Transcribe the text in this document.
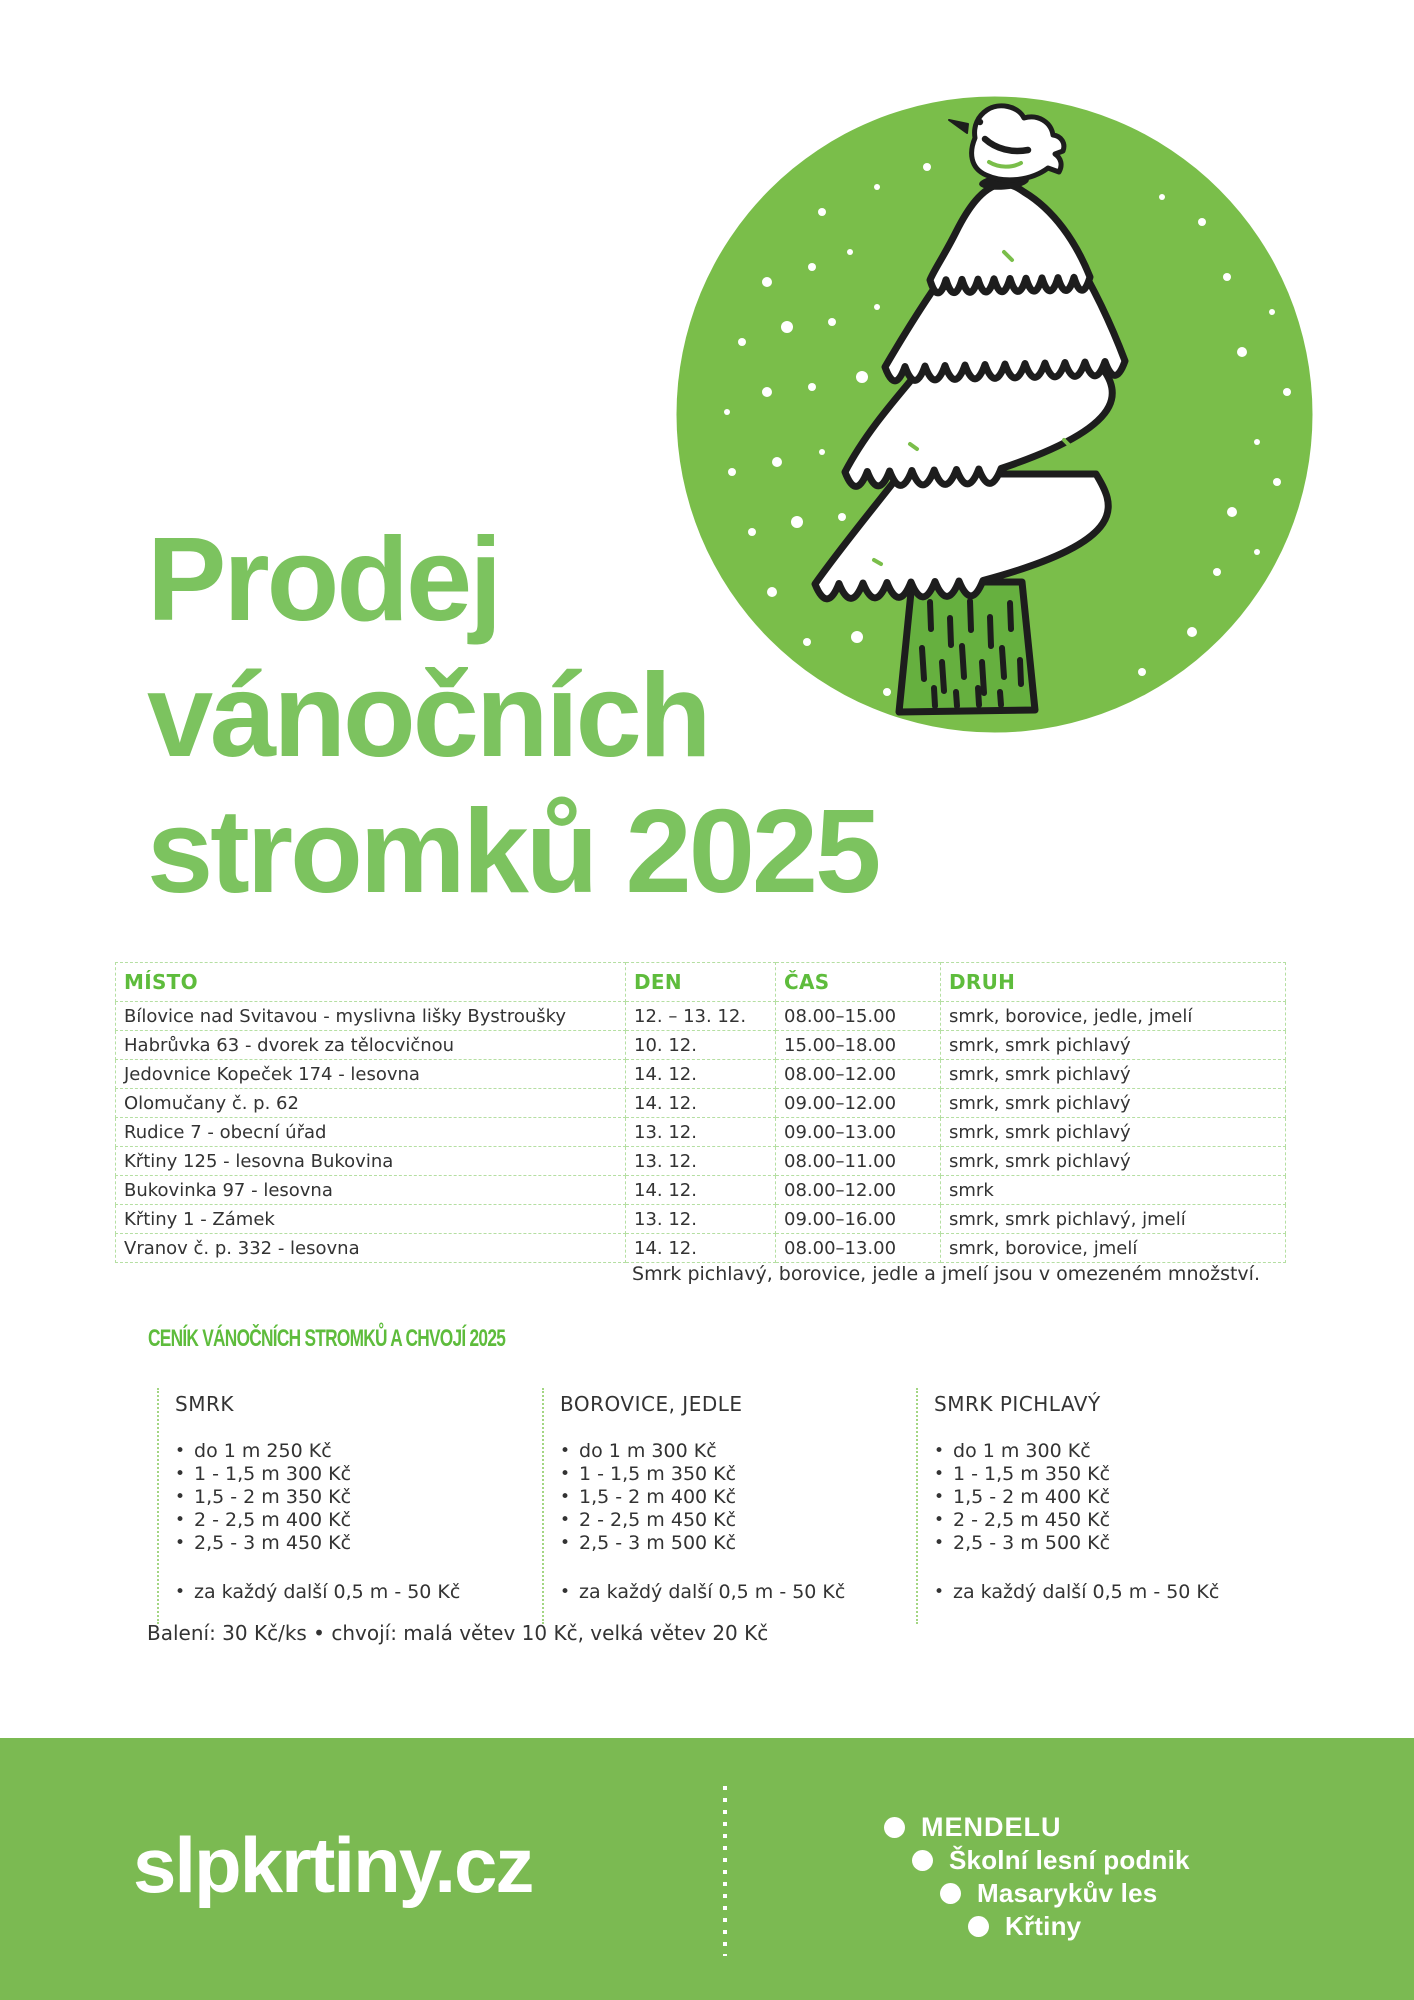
Prodej
vánočních
stromků 2025
MÍSTO	DEN	ČAS	DRUH
Bílovice nad Svitavou - myslivna lišky Bystroušky	12. – 13. 12.	08.00–15.00	smrk, borovice, jedle, jmelí
Habrůvka 63 - dvorek za tělocvičnou	10. 12.	15.00–18.00	smrk, smrk pichlavý
Jedovnice Kopeček 174 - lesovna	14. 12.	08.00–12.00	smrk, smrk pichlavý
Olomučany č. p. 62	14. 12.	09.00–12.00	smrk, smrk pichlavý
Rudice 7 - obecní úřad	13. 12.	09.00–13.00	smrk, smrk pichlavý
Křtiny 125 - lesovna Bukovina	13. 12.	08.00–11.00	smrk, smrk pichlavý
Bukovinka 97 - lesovna	14. 12.	08.00–12.00	smrk
Křtiny 1 - Zámek	13. 12.	09.00–16.00	smrk, smrk pichlavý, jmelí
Vranov č. p. 332 - lesovna	14. 12.	08.00–13.00	smrk, borovice, jmelí
Smrk pichlavý, borovice, jedle a jmelí jsou v omezeném množství.
CENÍK VÁNOČNÍCH STROMKŮ A CHVOJÍ 2025
SMRK
• do 1 m 250 Kč
• 1 - 1,5 m 300 Kč
• 1,5 - 2 m 350 Kč
• 2 - 2,5 m 400 Kč
• 2,5 - 3 m 450 Kč
• za každý další 0,5 m - 50 Kč
BOROVICE, JEDLE
• do 1 m 300 Kč
• 1 - 1,5 m 350 Kč
• 1,5 - 2 m 400 Kč
• 2 - 2,5 m 450 Kč
• 2,5 - 3 m 500 Kč
• za každý další 0,5 m - 50 Kč
SMRK PICHLAVÝ
• do 1 m 300 Kč
• 1 - 1,5 m 350 Kč
• 1,5 - 2 m 400 Kč
• 2 - 2,5 m 450 Kč
• 2,5 - 3 m 500 Kč
• za každý další 0,5 m - 50 Kč
Balení: 30 Kč/ks • chvojí: malá větev 10 Kč, velká větev 20 Kč
slpkrtiny.cz	MENDELU
Školní lesní podnik
Masarykův les
Křtiny
